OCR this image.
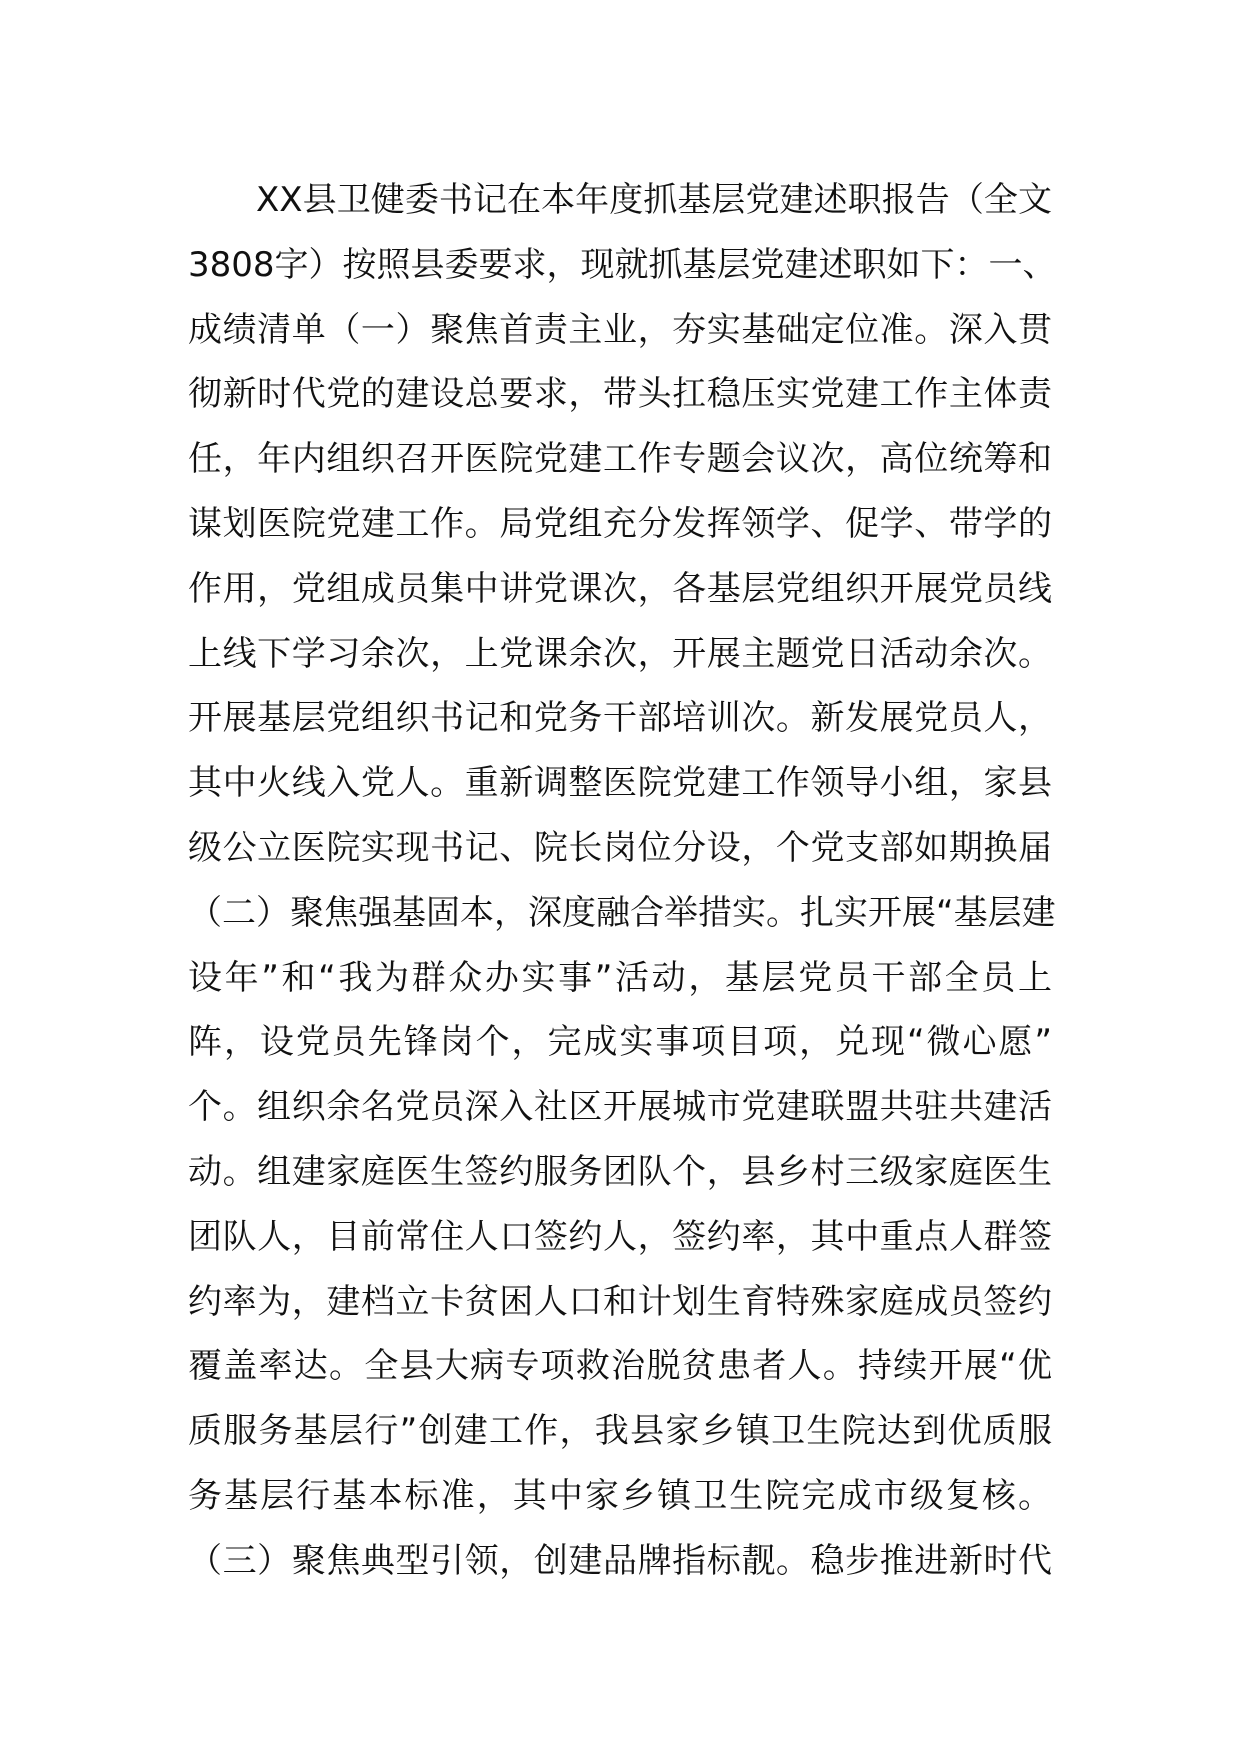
XX县卫健委书记在本年度抓基层党建述职报告（全文
3808字）按照县委要求，现就抓基层党建述职如下：一、
成绩清单（一）聚焦首责主业，夯实基础定位准。深入贯
彻新时代党的建设总要求，带头扛稳压实党建工作主体责
任，年内组织召开医院党建工作专题会议次，高位统筹和
谋划医院党建工作。局党组充分发挥领学、促学、带学的
作用，党组成员集中讲党课次，各基层党组织开展党员线
上线下学习余次，上党课余次，开展主题党日活动余次。
开展基层党组织书记和党务干部培训次。新发展党员人，
其中火线入党人。重新调整医院党建工作领导小组，家县
级公立医院实现书记、院长岗位分设，个党支部如期换届
（二）聚焦强基固本，深度融合举措实。扎实开展“基层建
设年”和“我为群众办实事”活动，基层党员干部全员上
阵，设党员先锋岗个，完成实事项目项，兑现“微心愿”
个。组织余名党员深入社区开展城市党建联盟共驻共建活
动。组建家庭医生签约服务团队个，县乡村三级家庭医生
团队人，目前常住人口签约人，签约率，其中重点人群签
约率为，建档立卡贫困人口和计划生育特殊家庭成员签约
覆盖率达。全县大病专项救治脱贫患者人。持续开展“优
质服务基层行”创建工作，我县家乡镇卫生院达到优质服
务基层行基本标准，其中家乡镇卫生院完成市级复核。
（三）聚焦典型引领，创建品牌指标靓。稳步推进新时代
